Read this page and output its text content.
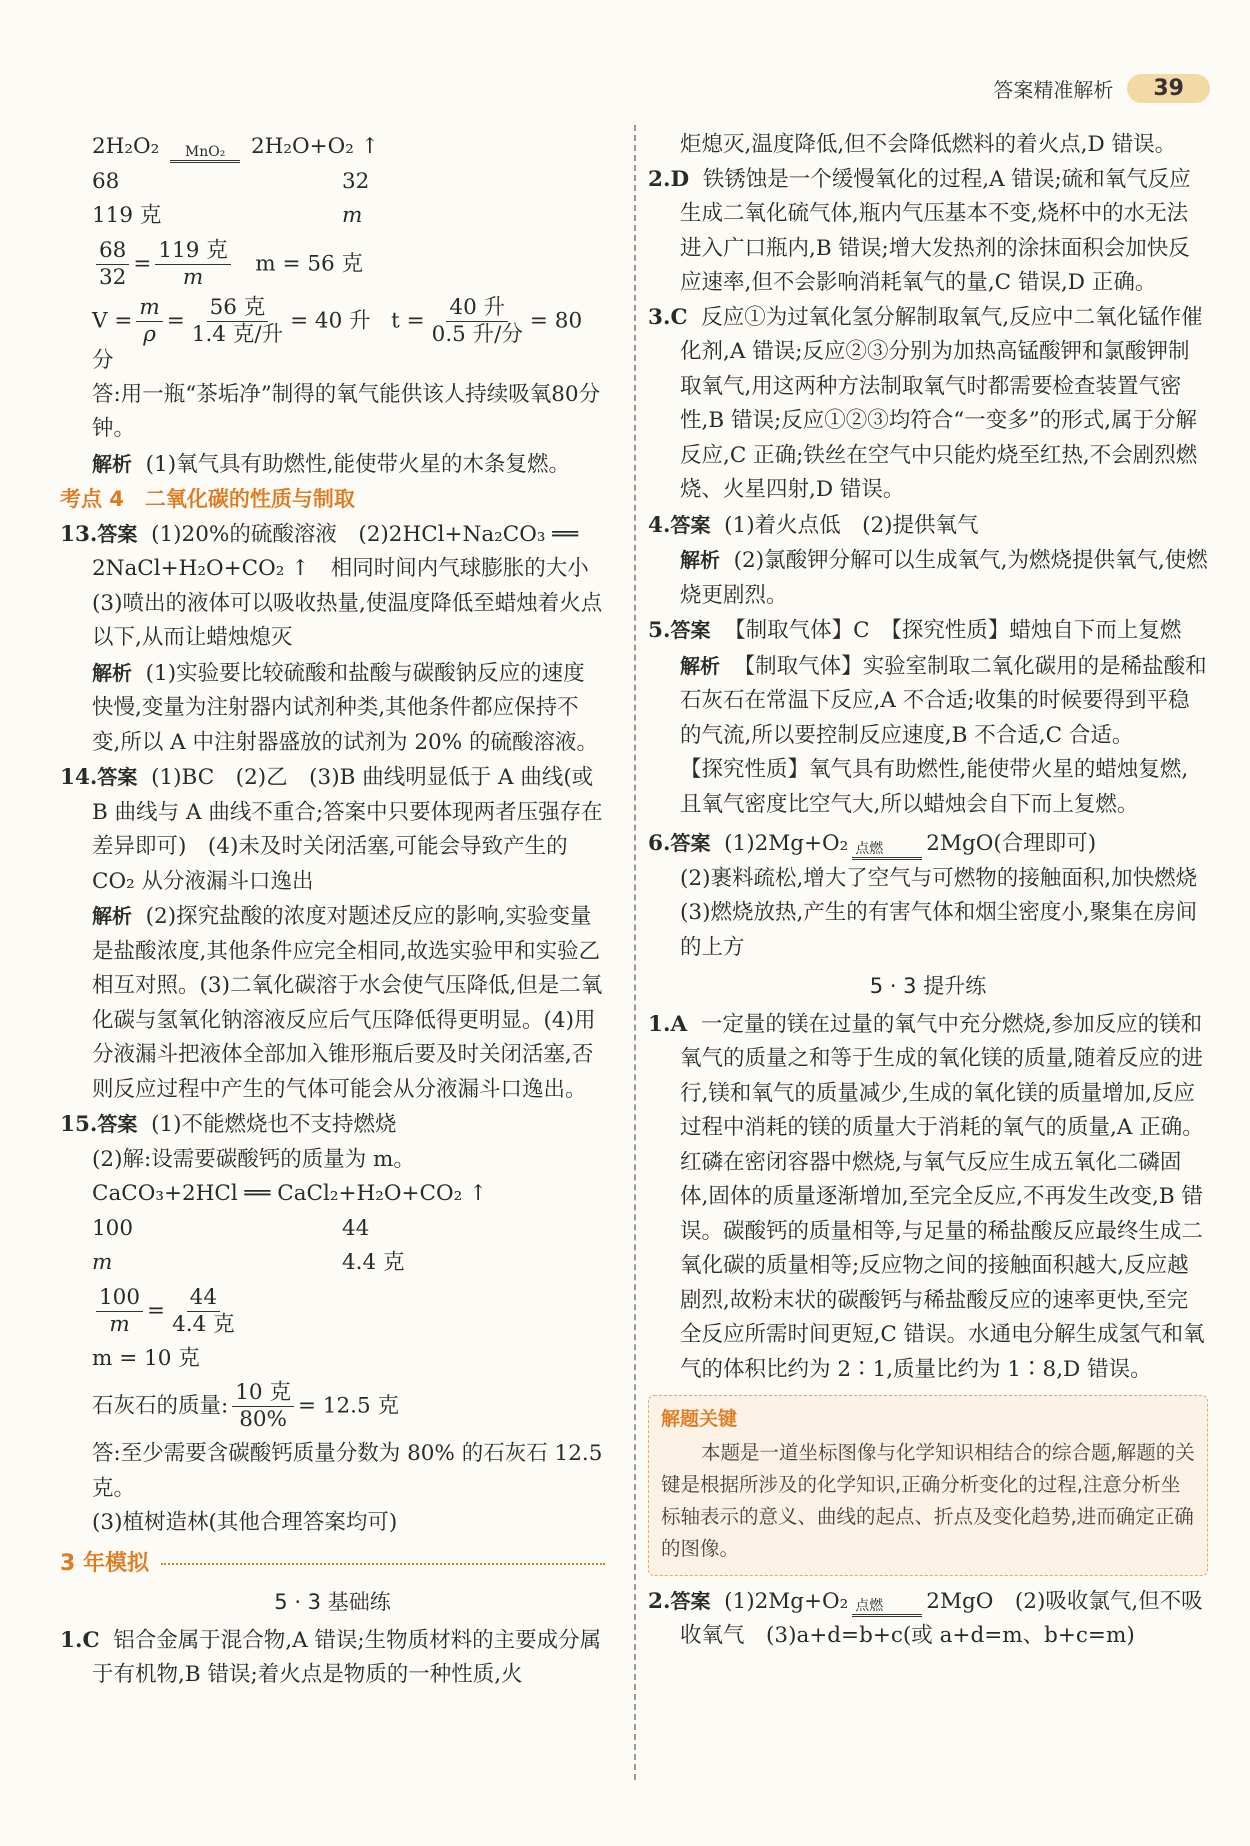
答案精准解析	39

2H₂O₂ MnO₂ 2H₂O+O₂ ↑

68	32

119 克	m

$\frac{68}{32} = \frac{\text{119 克}}{m}$ m = 56 克

$V = \frac{m}{\rho} = \frac{\text{56 克}}{\text{1.4 克/升}} = 40$ 升 $t = \frac{\text{40 升}}{\text{0.5 升/分}} = 80$ 分

答:用一瓶“茶垢净”制得的氧气能供该人持续吸氧80分钟。

解析 (1)氧气具有助燃性,能使带火星的木条复燃。

考点 4　二氧化碳的性质与制取

13.答案 (1)20%的硫酸溶液　(2)2HCl+Na₂CO₃ ══ 2NaCl+H₂O+CO₂ ↑　相同时间内气球膨胀的大小

(3)喷出的液体可以吸收热量,使温度降低至蜡烛着火点以下,从而让蜡烛熄灭

解析 (1)实验要比较硫酸和盐酸与碳酸钠反应的速度快慢,变量为注射器内试剂种类,其他条件都应保持不变,所以 A 中注射器盛放的试剂为 20% 的硫酸溶液。

14.答案 (1)BC　(2)乙　(3)B 曲线明显低于 A 曲线(或 B 曲线与 A 曲线不重合;答案中只要体现两者压强存在差异即可)　(4)未及时关闭活塞,可能会导致产生的 CO₂ 从分液漏斗口逸出

解析 (2)探究盐酸的浓度对题述反应的影响,实验变量是盐酸浓度,其他条件应完全相同,故选实验甲和实验乙相互对照。(3)二氧化碳溶于水会使气压降低,但是二氧化碳与氢氧化钠溶液反应后气压降低得更明显。(4)用分液漏斗把液体全部加入锥形瓶后要及时关闭活塞,否则反应过程中产生的气体可能会从分液漏斗口逸出。

15.答案 (1)不能燃烧也不支持燃烧

(2)解:设需要碳酸钙的质量为 m。

CaCO₃+2HCl ══ CaCl₂+H₂O+CO₂ ↑

100	44

m	4.4 克

$\frac{100}{m} = \frac{44}{\text{4.4 克}}$

m = 10 克

石灰石的质量: $\frac{\text{10 克}}{80\%} = 12.5$ 克

答:至少需要含碳酸钙质量分数为 80% 的石灰石 12.5克。

(3)植树造林(其他合理答案均可)

3 年模拟

5 · 3 基础练

1.C 铝合金属于混合物,A 错误;生物质材料的主要成分属于有机物,B 错误;着火点是物质的一种性质,火

炬熄灭,温度降低,但不会降低燃料的着火点,D 错误。

2.D 铁锈蚀是一个缓慢氧化的过程,A 错误;硫和氧气反应生成二氧化硫气体,瓶内气压基本不变,烧杯中的水无法进入广口瓶内,B 错误;增大发热剂的涂抹面积会加快反应速率,但不会影响消耗氧气的量,C 错误,D 正确。

3.C 反应①为过氧化氢分解制取氧气,反应中二氧化锰作催化剂,A 错误;反应②③分别为加热高锰酸钾和氯酸钾制取氧气,用这两种方法制取氧气时都需要检查装置气密性,B 错误;反应①②③均符合“一变多”的形式,属于分解反应,C 正确;铁丝在空气中只能灼烧至红热,不会剧烈燃烧、火星四射,D 错误。

4.答案 (1)着火点低　(2)提供氧气

解析 (2)氯酸钾分解可以生成氧气,为燃烧提供氧气,使燃烧更剧烈。

5.答案 【制取气体】C　【探究性质】蜡烛自下而上复燃

解析 【制取气体】实验室制取二氧化碳用的是稀盐酸和石灰石在常温下反应,A 不合适;收集的时候要得到平稳的气流,所以要控制反应速度,B 不合适,C 合适。

【探究性质】氧气具有助燃性,能使带火星的蜡烛复燃,且氧气密度比空气大,所以蜡烛会自下而上复燃。

6.答案 (1)2Mg+O₂ 点燃 2MgO(合理即可)

(2)裹料疏松,增大了空气与可燃物的接触面积,加快燃烧

(3)燃烧放热,产生的有害气体和烟尘密度小,聚集在房间的上方

5 · 3 提升练

1.A 一定量的镁在过量的氧气中充分燃烧,参加反应的镁和氧气的质量之和等于生成的氧化镁的质量,随着反应的进行,镁和氧气的质量减少,生成的氧化镁的质量增加,反应过程中消耗的镁的质量大于消耗的氧气的质量,A 正确。红磷在密闭容器中燃烧,与氧气反应生成五氧化二磷固体,固体的质量逐渐增加,至完全反应,不再发生改变,B 错误。碳酸钙的质量相等,与足量的稀盐酸反应最终生成二氧化碳的质量相等;反应物之间的接触面积越大,反应越剧烈,故粉末状的碳酸钙与稀盐酸反应的速率更快,至完全反应所需时间更短,C 错误。水通电分解生成氢气和氧气的体积比约为 2∶1,质量比约为 1∶8,D 错误。

解题关键

本题是一道坐标图像与化学知识相结合的综合题,解题的关键是根据所涉及的化学知识,正确分析变化的过程,注意分析坐标轴表示的意义、曲线的起点、折点及变化趋势,进而确定正确的图像。

2.答案 (1)2Mg+O₂ 点燃 2MgO　(2)吸收氯气,但不吸收氧气　(3)a+d=b+c(或 a+d=m、b+c=m)
